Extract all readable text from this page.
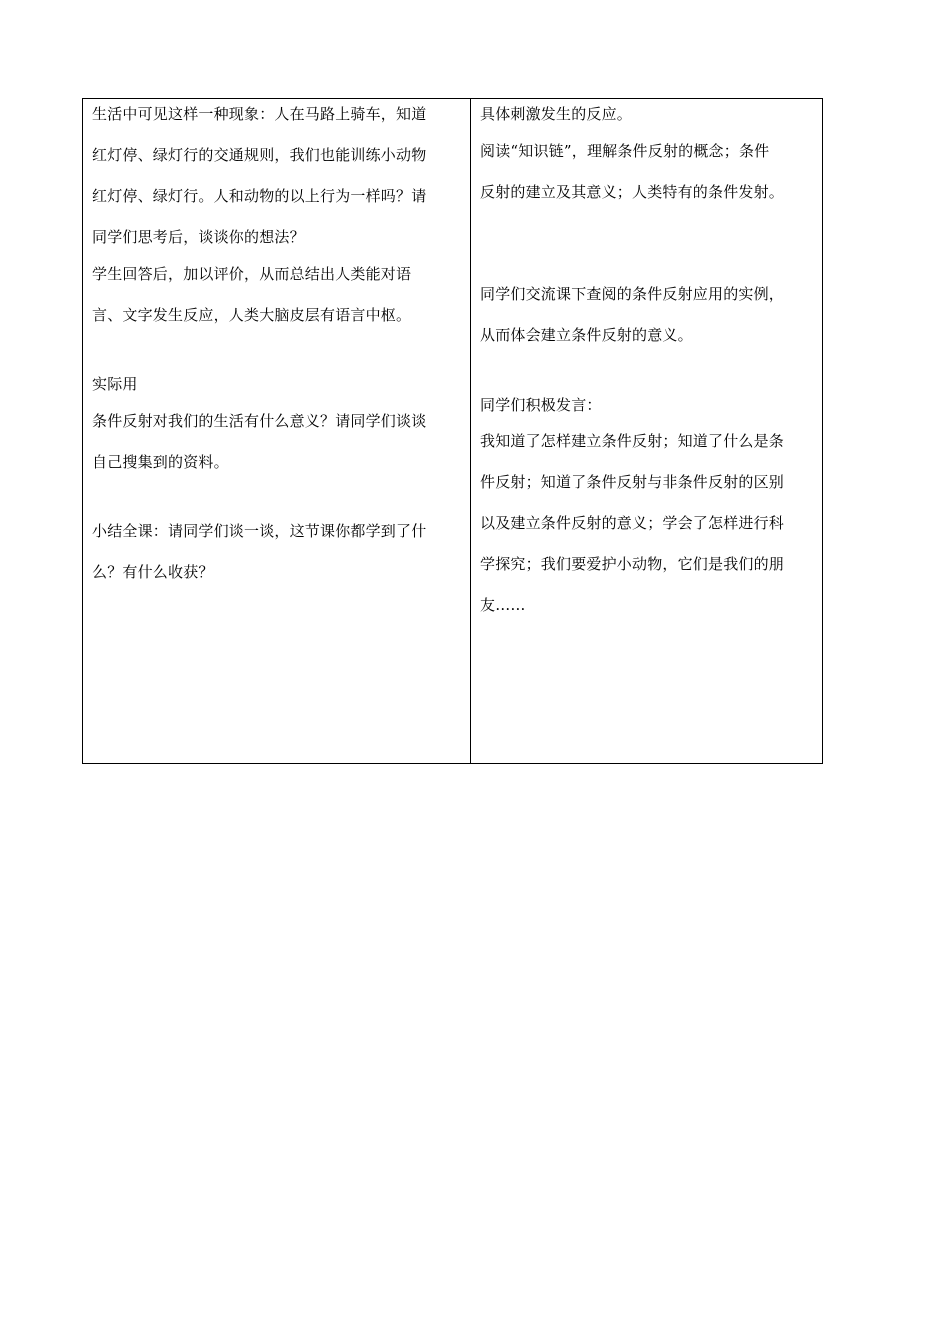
生活中可见这样一种现象：人在马路上骑车，知道
红灯停、绿灯行的交通规则，我们也能训练小动物
红灯停、绿灯行。人和动物的以上行为一样吗？请
同学们思考后，谈谈你的想法？
学生回答后，加以评价，从而总结出人类能对语
言、文字发生反应，人类大脑皮层有语言中枢。
实际用
条件反射对我们的生活有什么意义？请同学们谈谈
自己搜集到的资料。
小结全课：请同学们谈一谈，这节课你都学到了什
么？有什么收获？
具体刺激发生的反应。
阅读“知识链”，理解条件反射的概念；条件
反射的建立及其意义；人类特有的条件发射。
同学们交流课下查阅的条件反射应用的实例，
从而体会建立条件反射的意义。
同学们积极发言：
我知道了怎样建立条件反射；知道了什么是条
件反射；知道了条件反射与非条件反射的区别
以及建立条件反射的意义；学会了怎样进行科
学探究；我们要爱护小动物，它们是我们的朋
友……
